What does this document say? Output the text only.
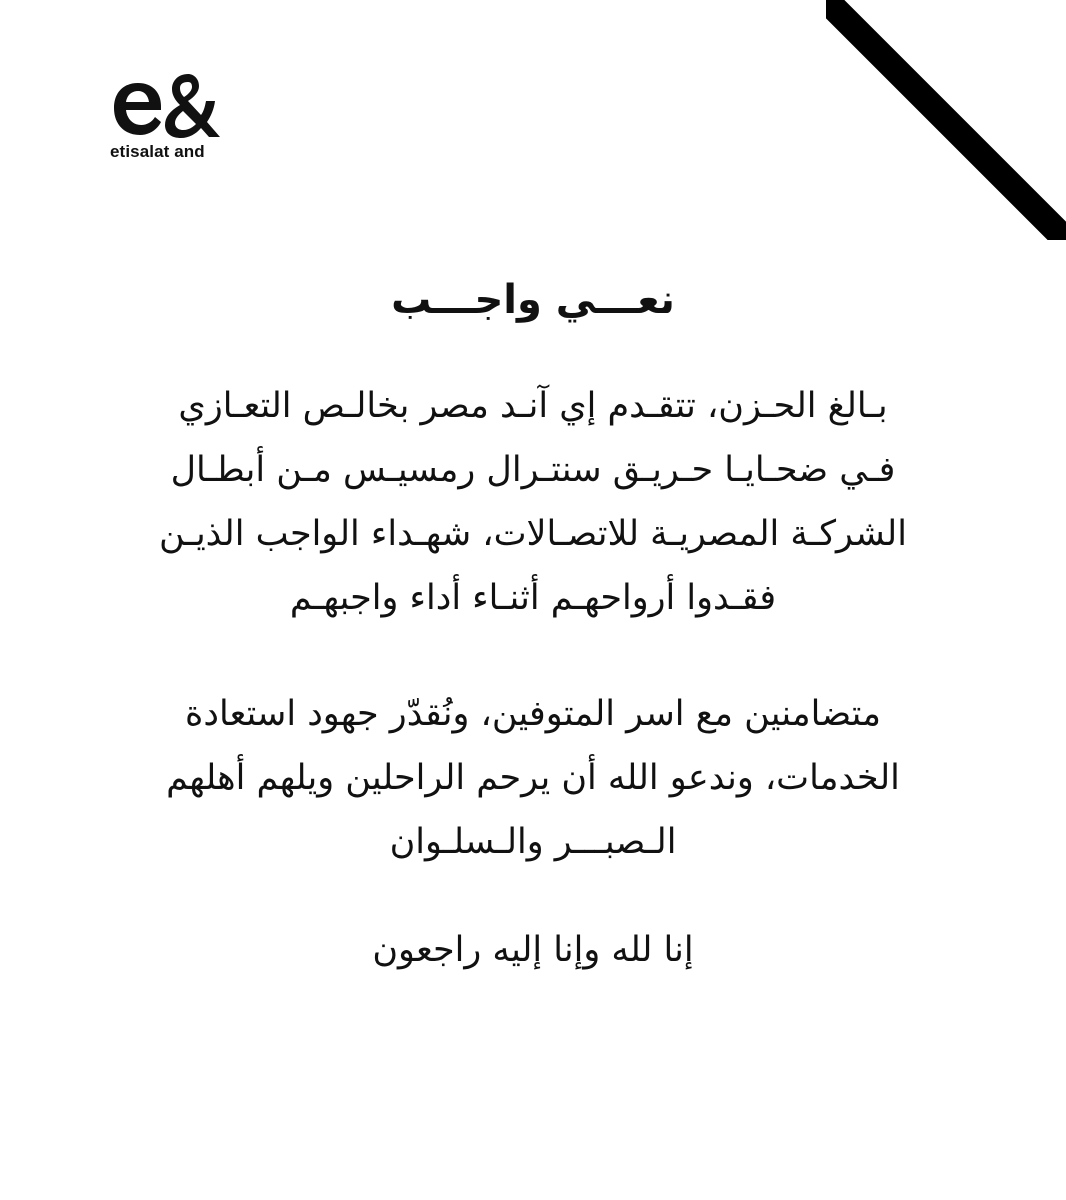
etisalat and
نعـــي واجـــب

بـالغ الحـزن، تتقـدم إي آنـد مصر بخالـص التعـازي
فـي ضحـايـا حـريـق سنتـرال رمسيـس مـن أبطـال
الشركـة المصريـة للاتصـالات، شهـداء الواجب الذيـن
فقـدوا أرواحهـم أثنـاء أداء واجبهـم

متضامنين مع اسر المتوفين، ونُقدّر جهود استعادة
الخدمات، وندعو الله أن يرحم الراحلين ويلهم أهلهم
الـصبـــر والـسلـوان

إنا لله وإنا إليه راجعون
